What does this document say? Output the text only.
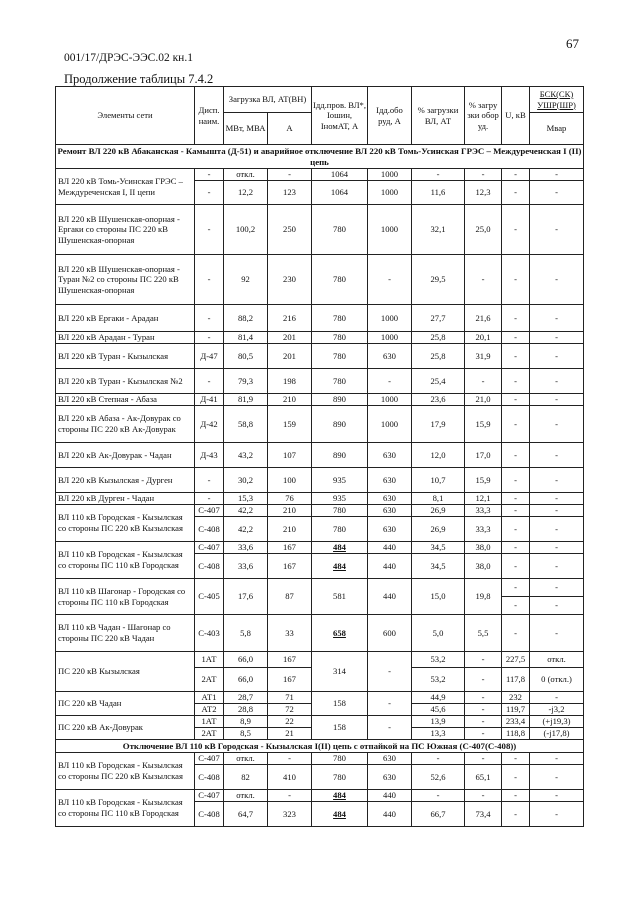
67
001/17/ДРЭС-ЭЭС.02 кн.1
Продолжение таблицы 7.4.2
Элементы сети	Дисп. наим.	Загрузка ВЛ, АТ(ВН)		Iдд.пров. ВЛ*, Iошин, IномАТ, А	Iдд.обо руд, А	% загрузки ВЛ, АТ	% загру зки обор уд.	U, кВ	БСК(СК) УШР(ШР)
		МВт, МВА	А						Мвар
Ремонт ВЛ 220 кВ Абаканская - Камышта (Д-51) и аварийное отключение ВЛ 220 кВ Томь-Усинская ГРЭС – Междуреченская I (II) цепь									
ВЛ 220 кВ Томь-Усинская ГРЭС – Междуреченская I, II цепи	-	откл.	-	1064	1000	-	-	-	-
	-	12,2	123	1064	1000	11,6	12,3	-	-
ВЛ 220 кВ Шушенская-опорная - Ергаки со стороны ПС 220 кВ Шушенская-опорная	-	100,2	250	780	1000	32,1	25,0	-	-
ВЛ 220 кВ Шушенская-опорная - Туран №2 со стороны ПС 220 кВ Шушенская-опорная	-	92	230	780	-	29,5	-	-	-
ВЛ 220 кВ Ергаки - Арадан	-	88,2	216	780	1000	27,7	21,6	-	-
ВЛ 220 кВ Арадан - Туран	-	81,4	201	780	1000	25,8	20,1	-	-
ВЛ 220 кВ Туран - Кызылская	Д-47	80,5	201	780	630	25,8	31,9	-	-
ВЛ 220 кВ Туран - Кызылская №2	-	79,3	198	780	-	25,4	-	-	-
ВЛ 220 кВ Степная - Абаза	Д-41	81,9	210	890	1000	23,6	21,0	-	-
ВЛ 220 кВ Абаза - Ак-Довурак со стороны ПС 220 кВ Ак-Довурак	Д-42	58,8	159	890	1000	17,9	15,9	-	-
ВЛ 220 кВ Ак-Довурак - Чадан	Д-43	43,2	107	890	630	12,0	17,0	-	-
ВЛ 220 кВ Кызылская - Дурген	-	30,2	100	935	630	10,7	15,9	-	-
ВЛ 220 кВ Дурген - Чадан	-	15,3	76	935	630	8,1	12,1	-	-
ВЛ 110 кВ Городская - Кызылская со стороны ПС 220 кВ Кызылская	С-407	42,2	210	780	630	26,9	33,3	-	-
	С-408	42,2	210	780	630	26,9	33,3	-	-
ВЛ 110 кВ Городская - Кызылская со стороны ПС 110 кВ Городская	С-407	33,6	167	484	440	34,5	38,0	-	-
	С-408	33,6	167	484	440	34,5	38,0	-	-
ВЛ 110 кВ Шагонар - Городская со стороны ПС 110 кВ Городская	С-405	17,6	87	581	440	15,0	19,8	-	-
								-	-
ВЛ 110 кВ Чадан - Шагонар со стороны ПС 220 кВ Чадан	С-403	5,8	33	658	600	5,0	5,5	-	-
ПС 220 кВ Кызылская	1АТ	66,0	167	314	-	53,2	-	227,5	откл.
	2АТ	66,0	167			53,2	-	117,8	0 (откл.)
ПС 220 кВ Чадан	АТ1	28,7	71	158	-	44,9	-	232	-
	АТ2	28,8	72			45,6	-	119,7	-j3,2
ПС 220 кВ Ак-Довурак	1АТ	8,9	22	158	-	13,9	-	233,4	(+j19,3)
	2АТ	8,5	21			13,3	-	118,8	(-j17,8)
Отключение ВЛ 110 кВ Городская - Кызылская I(II) цепь с отпайкой на ПС Южная (С-407(С-408))									
ВЛ 110 кВ Городская - Кызылская со стороны ПС 220 кВ Кызылская	С-407	откл.	-	780	630	-	-	-	-
	С-408	82	410	780	630	52,6	65,1	-	-
ВЛ 110 кВ Городская - Кызылская со стороны ПС 110 кВ Городская	С-407	откл.	-	484	440	-	-	-	-
	С-408	64,7	323	484	440	66,7	73,4	-	-
